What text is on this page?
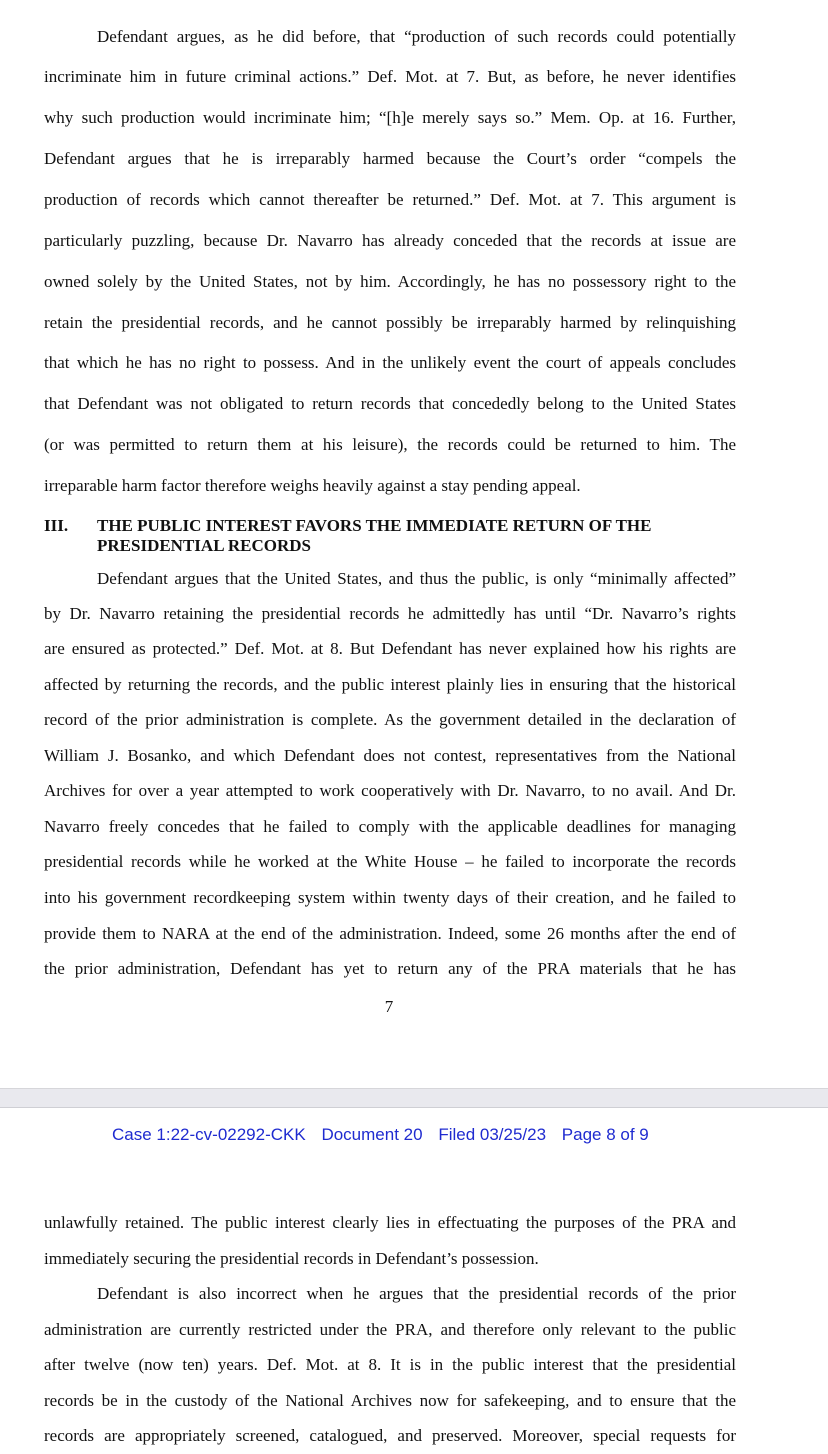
Defendant argues, as he did before, that “production of such records could potentially
incriminate him in future criminal actions.” Def. Mot. at 7. But, as before, he never identifies
why such production would incriminate him; “[h]e merely says so.” Mem. Op. at 16. Further,
Defendant argues that he is irreparably harmed because the Court’s order “compels the
production of records which cannot thereafter be returned.” Def. Mot. at 7. This argument is
particularly puzzling, because Dr. Navarro has already conceded that the records at issue are
owned solely by the United States, not by him. Accordingly, he has no possessory right to the
retain the presidential records, and he cannot possibly be irreparably harmed by relinquishing
that which he has no right to possess. And in the unlikely event the court of appeals concludes
that Defendant was not obligated to return records that concededly belong to the United States
(or was permitted to return them at his leisure), the records could be returned to him. The
irreparable harm factor therefore weighs heavily against a stay pending appeal.
III. THE PUBLIC INTEREST FAVORS THE IMMEDIATE RETURN OF THE
PRESIDENTIAL RECORDS
Defendant argues that the United States, and thus the public, is only “minimally affected”
by Dr. Navarro retaining the presidential records he admittedly has until “Dr. Navarro’s rights
are ensured as protected.” Def. Mot. at 8. But Defendant has never explained how his rights are
affected by returning the records, and the public interest plainly lies in ensuring that the historical
record of the prior administration is complete. As the government detailed in the declaration of
William J. Bosanko, and which Defendant does not contest, representatives from the National
Archives for over a year attempted to work cooperatively with Dr. Navarro, to no avail. And Dr.
Navarro freely concedes that he failed to comply with the applicable deadlines for managing
presidential records while he worked at the White House – he failed to incorporate the records
into his government recordkeeping system within twenty days of their creation, and he failed to
provide them to NARA at the end of the administration. Indeed, some 26 months after the end of
the prior administration, Defendant has yet to return any of the PRA materials that he has
7
Case 1:22-cv-02292-CKK Document 20 Filed 03/25/23 Page 8 of 9
unlawfully retained. The public interest clearly lies in effectuating the purposes of the PRA and
immediately securing the presidential records in Defendant’s possession.
Defendant is also incorrect when he argues that the presidential records of the prior
administration are currently restricted under the PRA, and therefore only relevant to the public
after twelve (now ten) years. Def. Mot. at 8. It is in the public interest that the presidential
records be in the custody of the National Archives now for safekeeping, and to ensure that the
records are appropriately screened, catalogued, and preserved. Moreover, special requests for
